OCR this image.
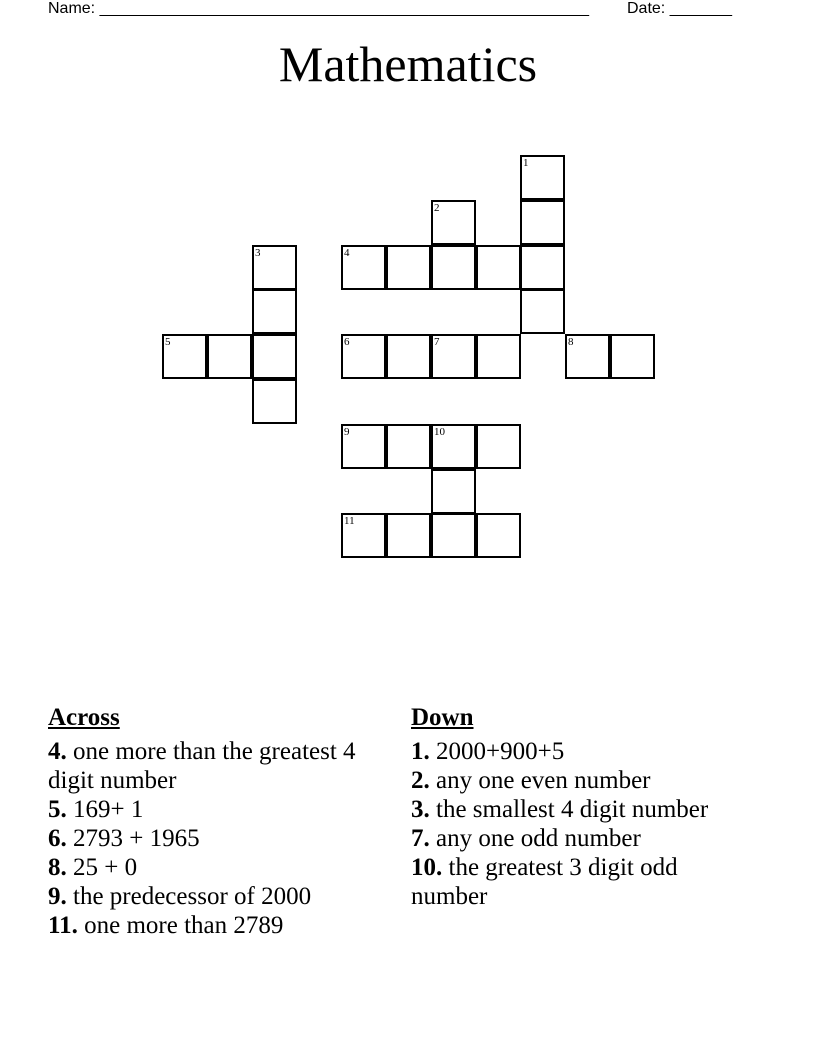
Name: _______________________________________________________

Date: _______

Mathematics
1
2
3	4
5	6	7	8
9	10
11
Across

4. one more than the greatest 4 digit number

5. 169+ 1

6. 2793 + 1965

8. 25 + 0

9. the predecessor of 2000

11. one more than 2789

Down

1. 2000+900+5

2. any one even number

3. the smallest 4 digit number

7. any one odd number

10. the greatest 3 digit odd number
